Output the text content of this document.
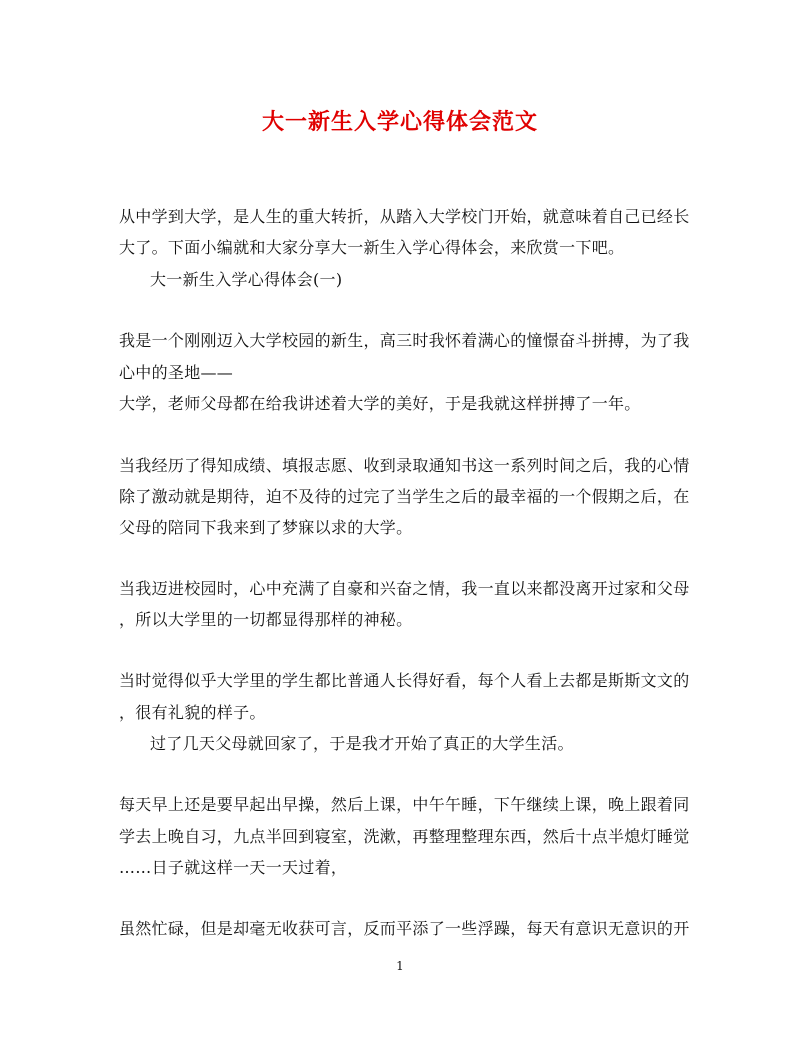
大一新生入学心得体会范文
从中学到大学，是人生的重大转折，从踏入大学校门开始，就意味着自己已经长
大了。下面小编就和大家分享大一新生入学心得体会，来欣赏一下吧。
大一新生入学心得体会(一)
我是一个刚刚迈入大学校园的新生，高三时我怀着满心的憧憬奋斗拼搏，为了我
心中的圣地——
大学，老师父母都在给我讲述着大学的美好，于是我就这样拼搏了一年。
当我经历了得知成绩、填报志愿、收到录取通知书这一系列时间之后，我的心情
除了激动就是期待，迫不及待的过完了当学生之后的最幸福的一个假期之后，在
父母的陪同下我来到了梦寐以求的大学。
当我迈进校园时，心中充满了自豪和兴奋之情，我一直以来都没离开过家和父母
，所以大学里的一切都显得那样的神秘。
当时觉得似乎大学里的学生都比普通人长得好看，每个人看上去都是斯斯文文的
，很有礼貌的样子。
过了几天父母就回家了，于是我才开始了真正的大学生活。
每天早上还是要早起出早操，然后上课，中午午睡，下午继续上课，晚上跟着同
学去上晚自习，九点半回到寝室，洗漱，再整理整理东西，然后十点半熄灯睡觉
……日子就这样一天一天过着，
虽然忙碌，但是却毫无收获可言，反而平添了一些浮躁，每天有意识无意识的开
1
